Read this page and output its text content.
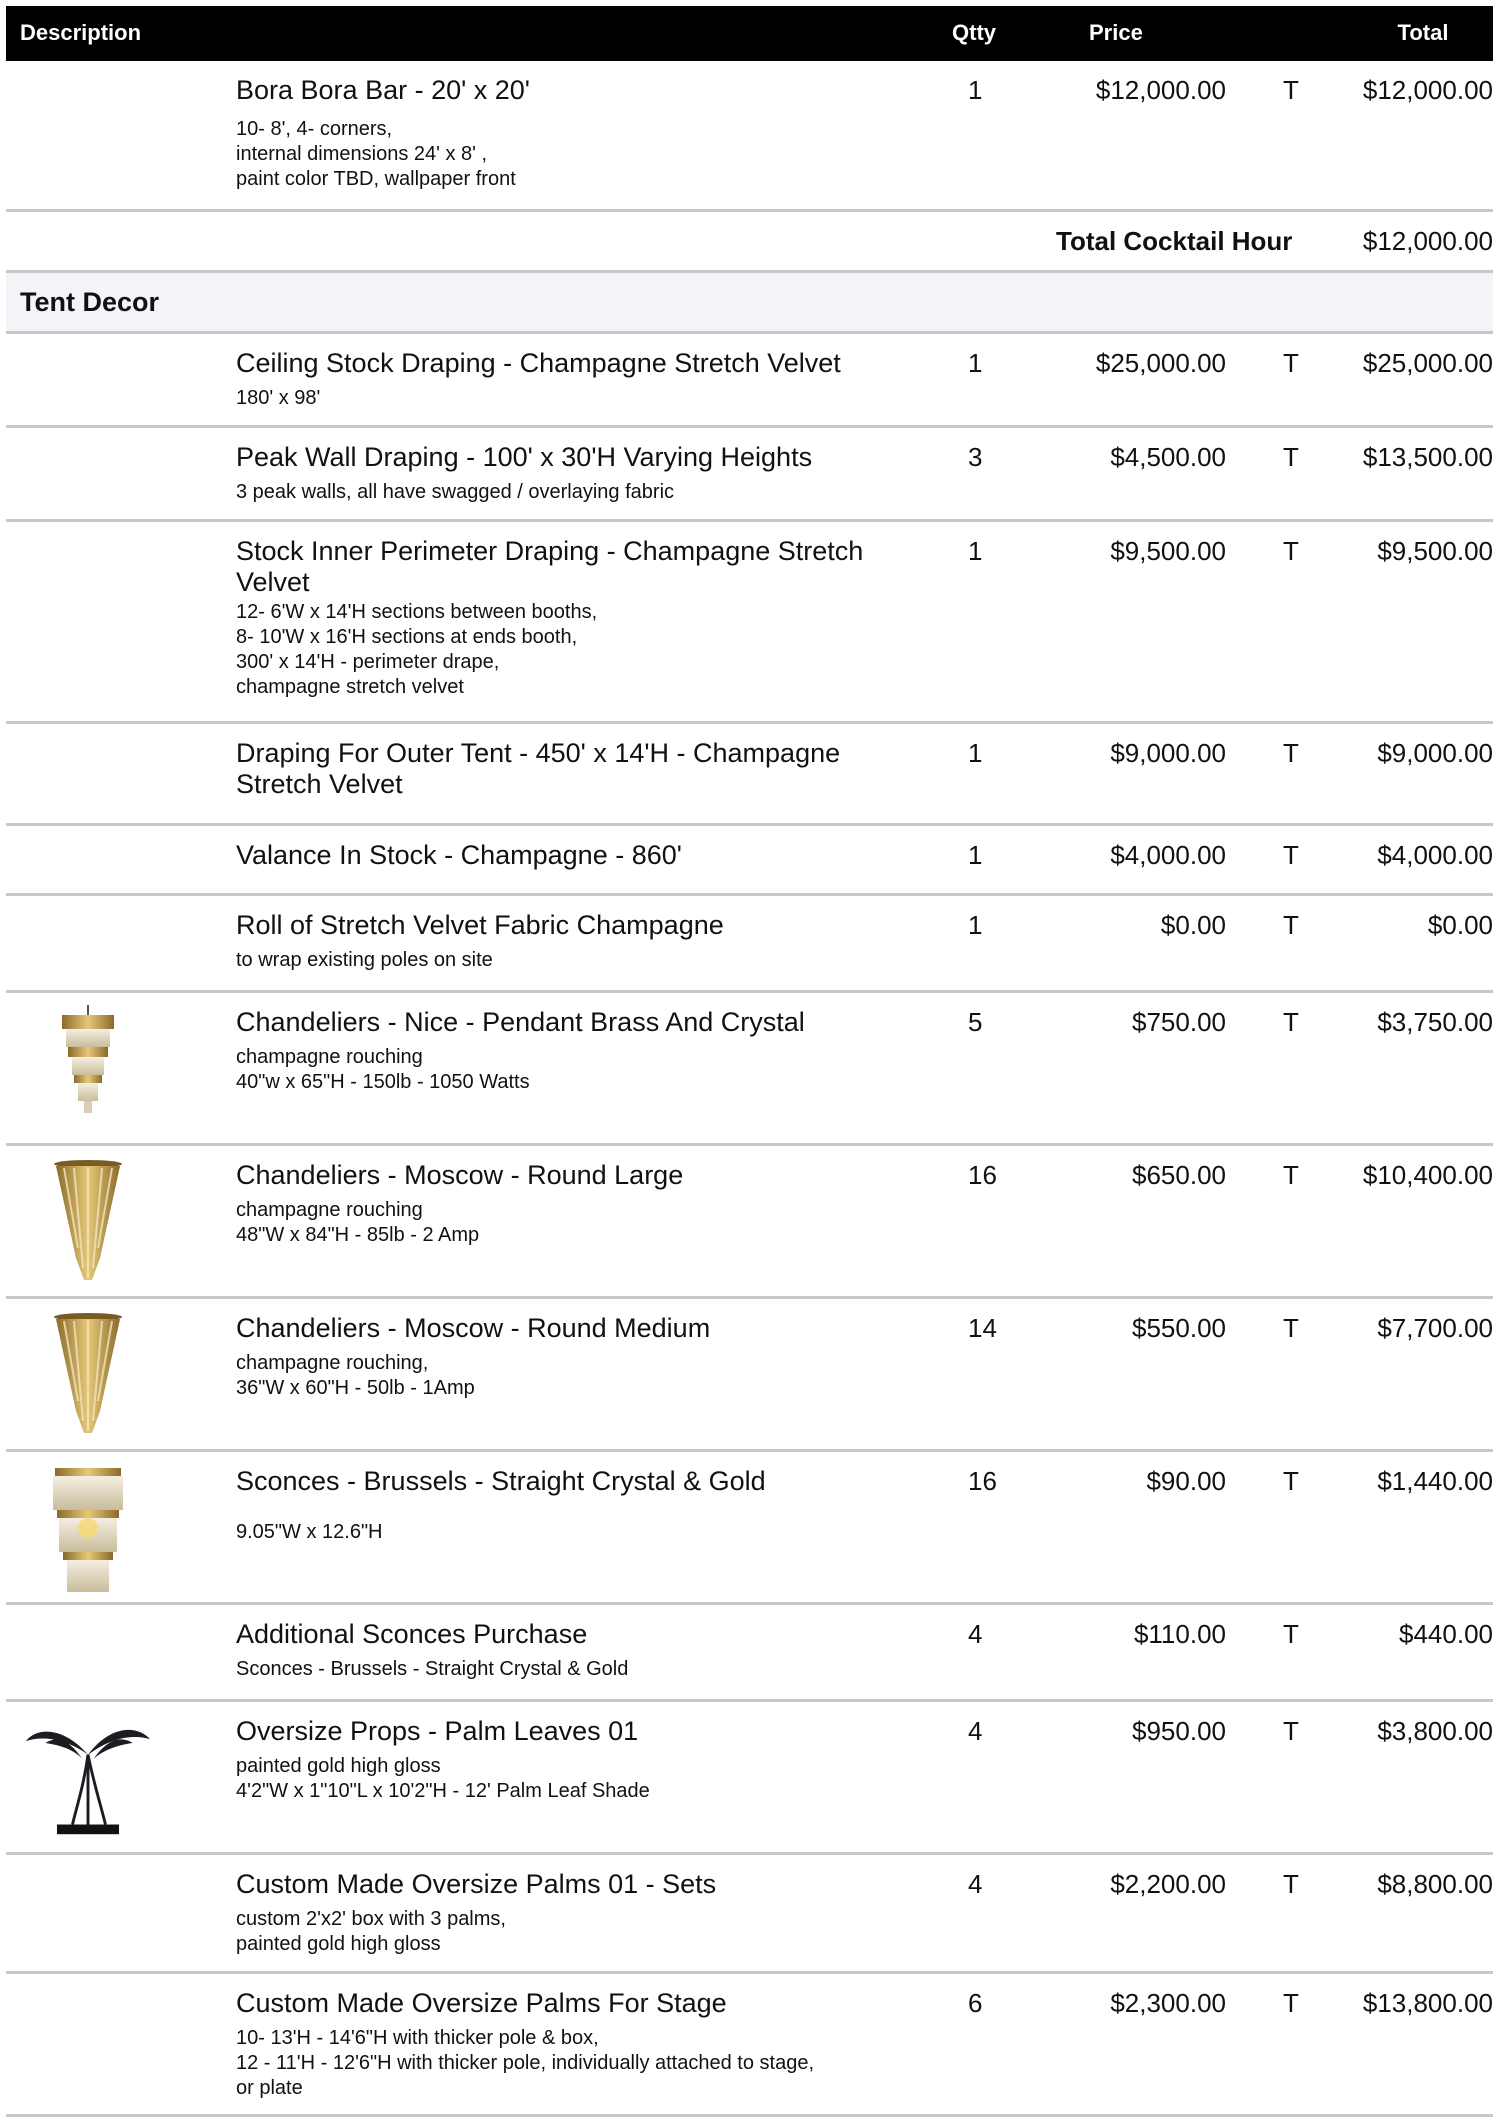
Description	Qtty	Price	Total
Bora Bora Bar - 20' x 20'
10- 8', 4- corners,
internal dimensions 24' x 8' ,
paint color TBD, wallpaper front
1	$12,000.00 T $12,000.00
Total Cocktail Hour	$12,000.00
Tent Decor
Ceiling Stock Draping - Champagne Stretch Velvet
180' x 98'
1	$25,000.00 T $25,000.00
Peak Wall Draping - 100' x 30'H Varying Heights
3 peak walls, all have swagged / overlaying fabric
3	$4,500.00 T $13,500.00
Stock Inner Perimeter Draping - Champagne Stretch Velvet
12- 6'W x 14'H sections between booths,
8- 10'W x 16'H sections at ends booth,
300' x 14'H - perimeter drape,
champagne stretch velvet
1	$9,500.00 T	$9,500.00
Draping For Outer Tent - 450' x 14'H - Champagne Stretch Velvet
1	$9,000.00 T	$9,000.00
Valance In Stock - Champagne - 860'	1	$4,000.00 T	$4,000.00
Roll of Stretch Velvet Fabric Champagne
to wrap existing poles on site
1	$0.00 T	$0.00
Chandeliers - Nice - Pendant Brass And Crystal
champagne rouching
40"w x 65"H - 150lb - 1050 Watts
5	$750.00 T	$3,750.00
Chandeliers - Moscow - Round Large
champagne rouching
48"W x 84"H - 85lb - 2 Amp
16	$650.00 T $10,400.00
Chandeliers - Moscow - Round Medium
champagne rouching,
36"W x 60"H - 50lb - 1Amp
14	$550.00 T	$7,700.00
Sconces - Brussels - Straight Crystal & Gold
9.05"W x 12.6"H
16	$90.00 T	$1,440.00
Additional Sconces Purchase
Sconces - Brussels - Straight Crystal & Gold
4	$110.00 T	$440.00
Oversize Props - Palm Leaves 01
painted gold high gloss
4'2"W x 1"10"L x 10'2"H - 12' Palm Leaf Shade
4	$950.00 T	$3,800.00
Custom Made Oversize Palms 01 - Sets
custom 2'x2' box with 3 palms,
painted gold high gloss
4	$2,200.00 T	$8,800.00
Custom Made Oversize Palms For Stage
10- 13'H - 14'6"H with thicker pole & box,
12 - 11'H - 12'6"H with thicker pole, individually attached to stage,
or plate
6	$2,300.00 T $13,800.00
